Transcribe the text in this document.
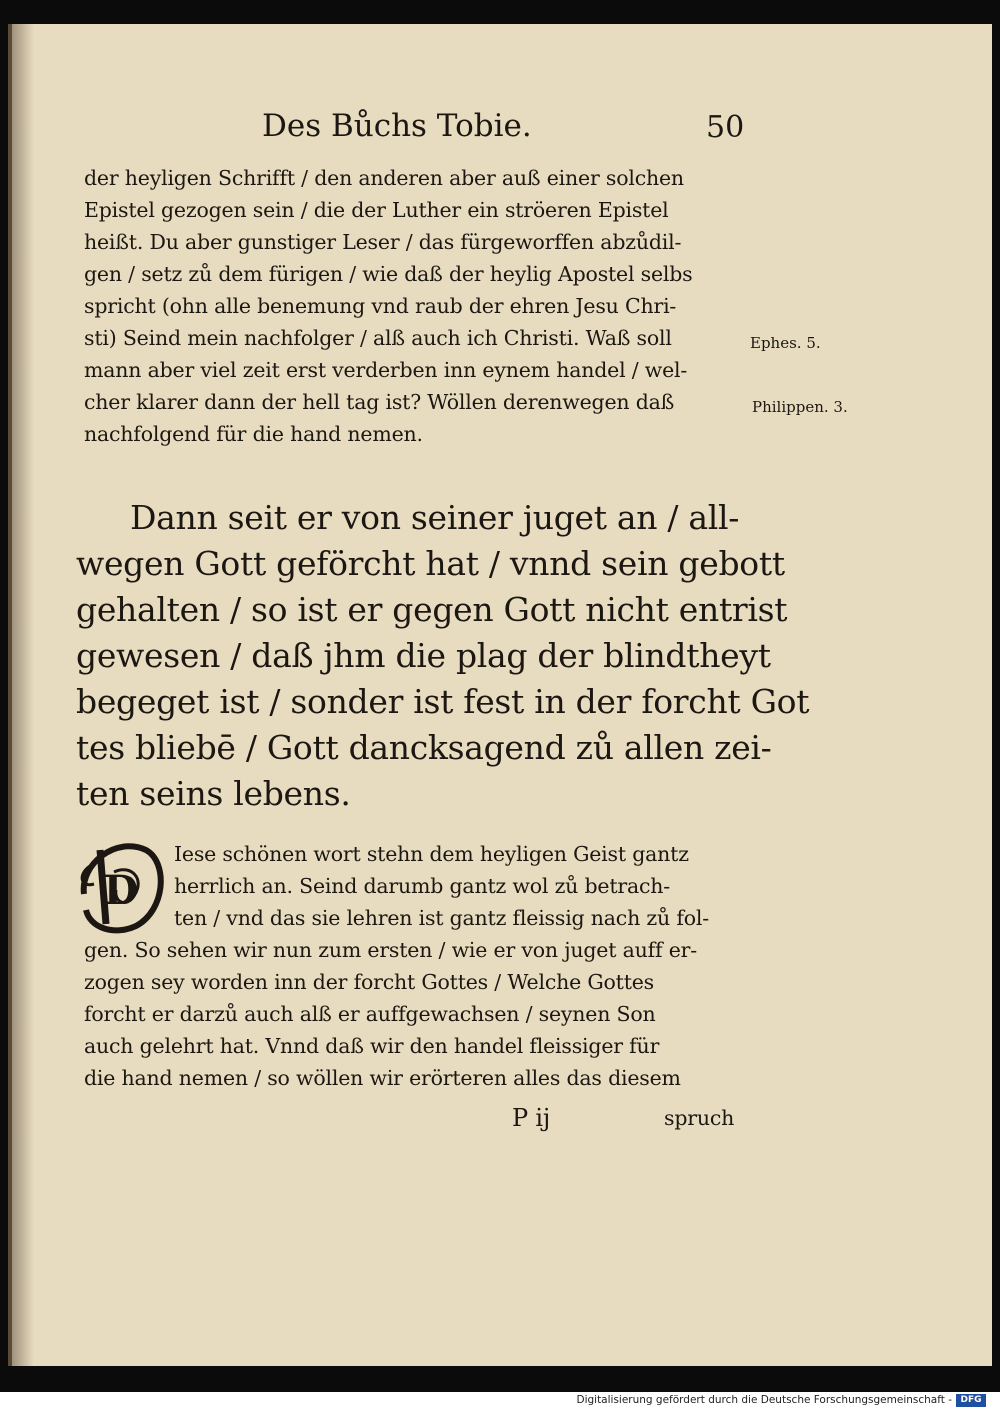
Des Bůchs Tobie.	50

der heyligen Schrifft / den anderen aber auß einer solchen

Epistel gezogen sein / die der Luther ein ströeren Epistel

heißt. Du aber gunstiger Leser / das fürgeworffen abzůdil-

gen / setz zů dem fürigen / wie daß der heylig Apostel selbs

spricht (ohn alle benemung vnd raub der ehren Jesu Chri-

sti) Seind mein nachfolger / alß auch ich Christi. Waß soll

mann aber viel zeit erst verderben inn eynem handel / wel-

cher klarer dann der hell tag ist? Wöllen derenwegen daß

nachfolgend für die hand nemen.

Ephes. 5.

Philippen. 3.

Dann seit er von seiner juget an / all-

wegen Gott geförcht hat / vnnd sein gebott

gehalten / so ist er gegen Gott nicht entrist

gewesen / daß jhm die plag der blindtheyt

begeget ist / sonder ist fest in der forcht Got

tes bliebē / Gott dancksagend zů allen zei-

ten seins lebens.

D

Iese schönen wort stehn dem heyligen Geist gantz

herrlich an. Seind darumb gantz wol zů betrach-

ten / vnd das sie lehren ist gantz fleissig nach zů fol-

gen. So sehen wir nun zum ersten / wie er von juget auff er-

zogen sey worden inn der forcht Gottes / Welche Gottes

forcht er darzů auch alß er auffgewachsen / seynen Son

auch gelehrt hat. Vnnd daß wir den handel fleissiger für

die hand nemen / so wöllen wir erörteren alles das diesem

P ij	spruch

Digitalisierung gefördert durch die Deutsche Forschungsgemeinschaft - DFG
